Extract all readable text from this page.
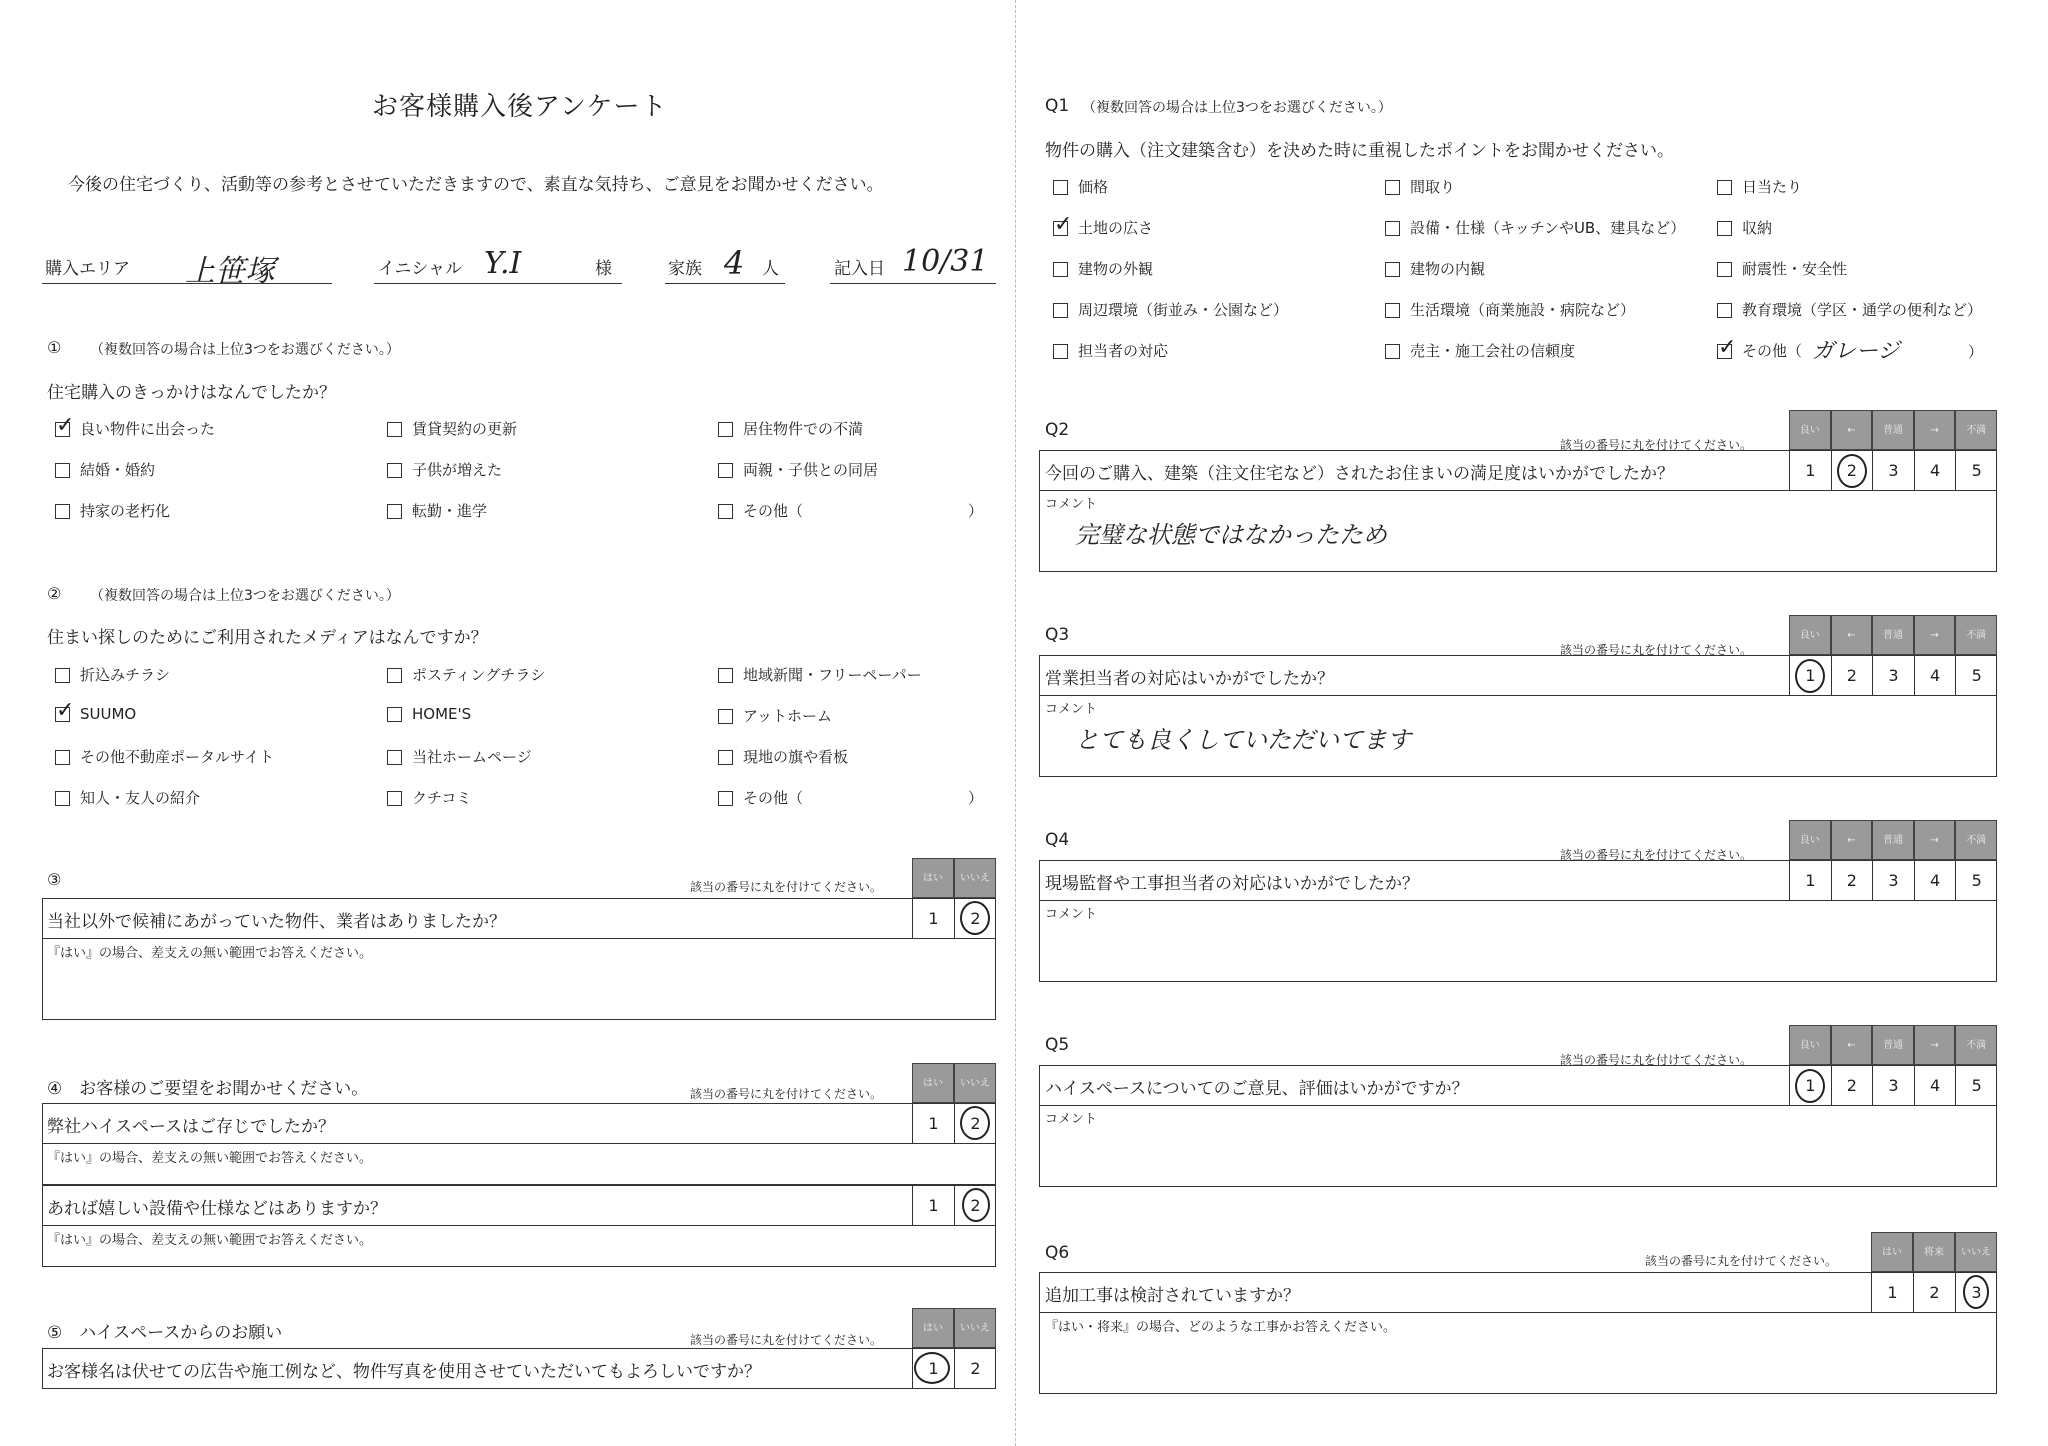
お客様購入後アンケート
今後の住宅づくり、活動等の参考とさせていただきますので、素直な気持ち、ご意見をお聞かせください。
購入エリア 上笹塚	イニシャル Y.I	様	家族 4 人	記入日 10/31
① （複数回答の場合は上位3つをお選びください。）
住宅購入のきっかけはなんでしたか？
✓良い物件に出会った	賃貸契約の更新	居住物件での不満
結婚・婚約	子供が増えた	両親・子供との同居
持家の老朽化	転勤・進学	その他（	）
② （複数回答の場合は上位3つをお選びください。）
住まい探しのためにご利用されたメディアはなんですか？
折込みチラシ	ポスティングチラシ	地域新聞・フリーペーパー
✓SUUMO	HOME'S	アットホーム
その他不動産ポータルサイト	当社ホームページ	現地の旗や看板
知人・友人の紹介	クチコミ	その他（	）
③	該当の番号に丸を付けてください。
はい	いいえ
当社以外で候補にあがっていた物件、業者はありましたか？	1	2
『はい』の場合、差支えの無い範囲でお答えください。
④　お客様のご要望をお聞かせください。	該当の番号に丸を付けてください。
はい	いいえ
弊社ハイスペースはご存じでしたか？	1	2
『はい』の場合、差支えの無い範囲でお答えください。
あれば嬉しい設備や仕様などはありますか？	1	2
『はい』の場合、差支えの無い範囲でお答えください。
⑤　ハイスペースからのお願い	該当の番号に丸を付けてください。
はい	いいえ
お客様名は伏せての広告や施工例など、物件写真を使用させていただいてもよろしいですか？	1	2
Q1 （複数回答の場合は上位3つをお選びください。）
物件の購入（注文建築含む）を決めた時に重視したポイントをお聞かせください。
価格	間取り	日当たり
✓土地の広さ	設備・仕様（キッチンやUB、建具など）	収納
建物の外観	建物の内観	耐震性・安全性
周辺環境（街並み・公園など）	生活環境（商業施設・病院など）	教育環境（学区・通学の便利など）
担当者の対応	売主・施工会社の信頼度
✓	その他（ ガレージ	）
Q2
該当の番号に丸を付けてください。
良い	←	普通	→	不満
今回のご購入、建築（注文住宅など）されたお住まいの満足度はいかがでしたか？	1	2	3	4	5
コメント
完璧な状態ではなかったため
Q3
該当の番号に丸を付けてください。
良い	←	普通	→	不満
営業担当者の対応はいかがでしたか？	1	2	3	4	5
コメント
とても良くしていただいてます
Q4
該当の番号に丸を付けてください。
良い	←	普通	→	不満
現場監督や工事担当者の対応はいかがでしたか？	1	2	3	4	5
コメント
Q5
該当の番号に丸を付けてください。
良い	←	普通	→	不満
ハイスペースについてのご意見、評価はいかがですか？	1	2	3	4	5
コメント
Q6	該当の番号に丸を付けてください。
はい	将来	いいえ
追加工事は検討されていますか？	1	2	3
『はい・将来』の場合、どのような工事かお答えください。
